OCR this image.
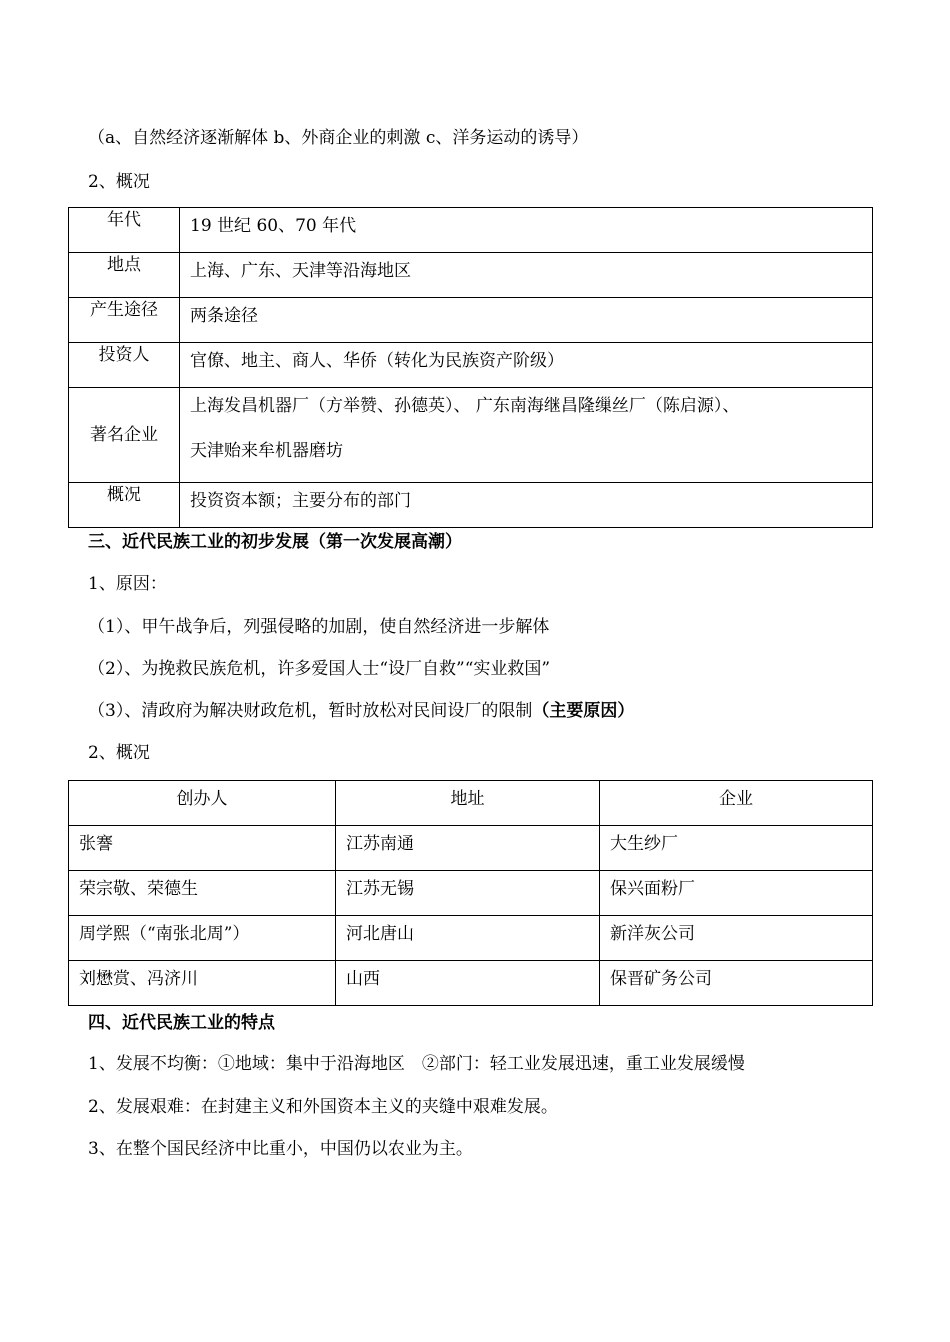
（a、自然经济逐渐解体 b、外商企业的刺激 c、洋务运动的诱导）
2、概况
年代	19 世纪 60、70 年代
地点	上海、广东、天津等沿海地区
产生途径	两条途径
投资人	官僚、地主、商人、华侨（转化为民族资产阶级）
著名企业	上海发昌机器厂（方举赞、孙德英）、 广东南海继昌隆缫丝厂（陈启源）、
天津贻来牟机器磨坊

概况	投资资本额；主要分布的部门
三、近代民族工业的初步发展（第一次发展高潮）
1、原因：
（1）、甲午战争后，列强侵略的加剧，使自然经济进一步解体
（2）、为挽救民族危机，许多爱国人士“设厂自救”“实业救国”
（3）、清政府为解决财政危机，暂时放松对民间设厂的限制（主要原因）
2、概况
创办人	地址	企业
张謇	江苏南通	大生纱厂
荣宗敬、荣德生	江苏无锡	保兴面粉厂
周学熙（“南张北周”）	河北唐山	新洋灰公司
刘懋赏、冯济川	山西	保晋矿务公司
四、近代民族工业的特点
1、发展不均衡：①地域：集中于沿海地区　②部门：轻工业发展迅速，重工业发展缓慢
2、发展艰难：在封建主义和外国资本主义的夹缝中艰难发展。
3、在整个国民经济中比重小，中国仍以农业为主。
